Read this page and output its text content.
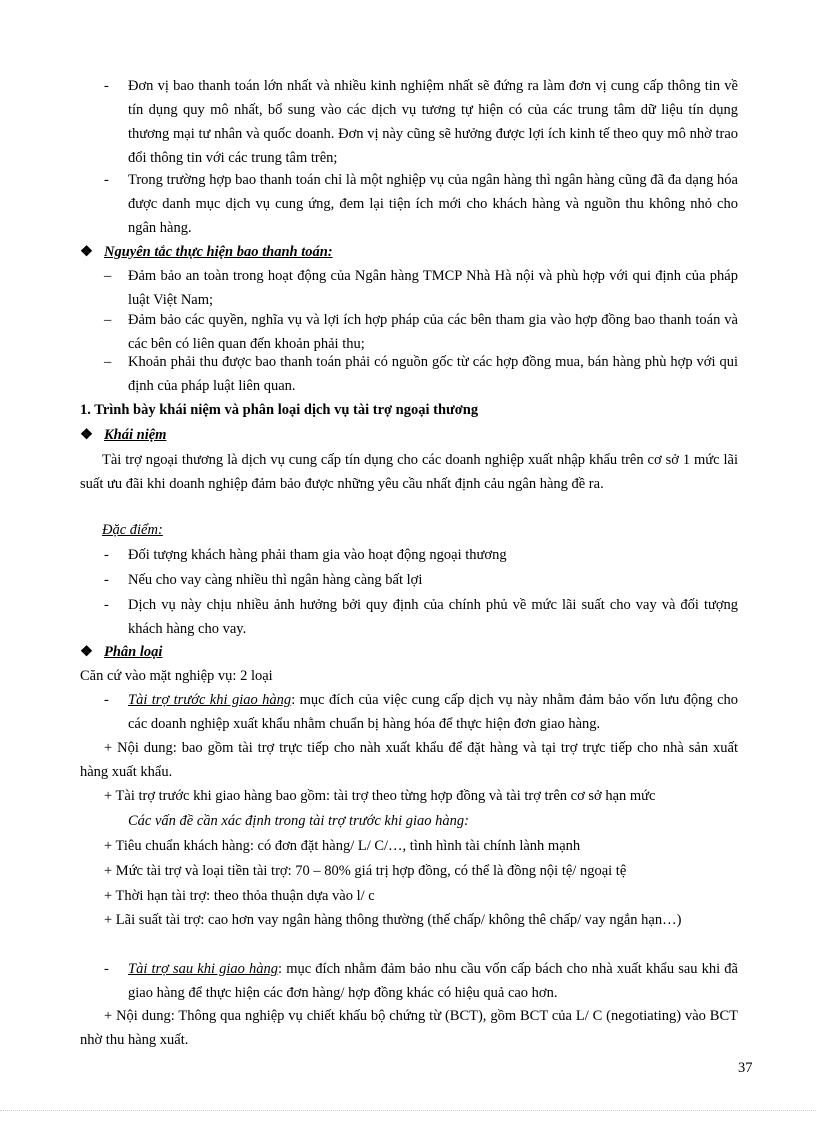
-	Đơn vị bao thanh toán lớn nhất và nhiều kinh nghiệm nhất sẽ đứng ra làm đơn vị cung cấp thông tin về tín dụng quy mô nhất, bổ sung vào các dịch vụ tương tự hiện có của các trung tâm dữ liệu tín dụng thương mại tư nhân và quốc doanh. Đơn vị này cũng sẽ hưởng được lợi ích kinh tế theo quy mô nhờ trao đổi thông tin với các trung tâm trên;
-	Trong trường hợp bao thanh toán chỉ là một nghiệp vụ của ngân hàng thì ngân hàng cũng đã đa dạng hóa được danh mục dịch vụ cung ứng, đem lại tiện ích mới cho khách hàng và nguồn thu không nhỏ cho ngân hàng.
❖ Nguyên tắc thực hiện bao thanh toán:
–	Đảm bảo an toàn trong hoạt động của Ngân hàng TMCP Nhà Hà nội và phù hợp với qui định của pháp luật Việt Nam;
–	Đảm bảo các quyền, nghĩa vụ và lợi ích hợp pháp của các bên tham gia vào hợp đồng bao thanh toán và các bên có liên quan đến khoản phải thu;
–	Khoản phải thu được bao thanh toán phải có nguồn gốc từ các hợp đồng mua, bán hàng phù hợp với qui định của pháp luật liên quan.
1. Trình bày khái niệm và phân loại dịch vụ tài trợ ngoại thương
❖ Khái niệm

Tài trợ ngoại thương là dịch vụ cung cấp tín dụng cho các doanh nghiệp xuất nhập khẩu trên cơ sở 1 mức lãi suất ưu đãi khi doanh nghiệp đảm bảo được những yêu cầu nhất định cảu ngân hàng đề ra.

Đặc điểm:
-	Đối tượng khách hàng phải tham gia vào hoạt động ngoại thương
-	Nếu cho vay càng nhiều thì ngân hàng càng bất lợi
-	Dịch vụ này chịu nhiều ảnh hưởng bởi quy định của chính phủ về mức lãi suất cho vay và đối tượng khách hàng cho vay.
❖ Phân loại
Căn cứ vào mặt nghiệp vụ: 2 loại
-	Tài trợ trước khi giao hàng: mục đích của việc cung cấp dịch vụ này nhằm đảm bảo vốn lưu động cho các doanh nghiệp xuất khẩu nhằm chuẩn bị hàng hóa để thực hiện đơn giao hàng.

+ Nội dung: bao gồm tài trợ trực tiếp cho nàh xuất khẩu để đặt hàng và tại trợ trực tiếp cho nhà sản xuất hàng xuất khẩu.

+ Tài trợ trước khi giao hàng bao gồm: tài trợ theo từng hợp đồng và tài trợ trên cơ sở hạn mức
Các vấn đề cần xác định trong tài trợ trước khi giao hàng:
+ Tiêu chuẩn khách hàng: có đơn đặt hàng/ L/ C/…, tình hình tài chính lành mạnh
+ Mức tài trợ và loại tiền tài trợ: 70 – 80% giá trị hợp đồng, có thể là đồng nội tệ/ ngoại tệ
+ Thời hạn tài trợ: theo thỏa thuận dựa vào l/ c

+ Lãi suất tài trợ: cao hơn vay ngân hàng thông thường (thế chấp/ không thê chấp/ vay ngắn hạn…)

-	Tài trợ sau khi giao hàng: mục đích nhằm đảm bảo nhu cầu vốn cấp bách cho nhà xuất khẩu sau khi đã giao hàng để thực hiện các đơn hàng/ hợp đồng khác có hiệu quả cao hơn.

+ Nội dung: Thông qua nghiệp vụ chiết khấu bộ chứng từ (BCT), gồm BCT của L/ C (negotiating) vào BCT nhờ thu hàng xuất.

37
